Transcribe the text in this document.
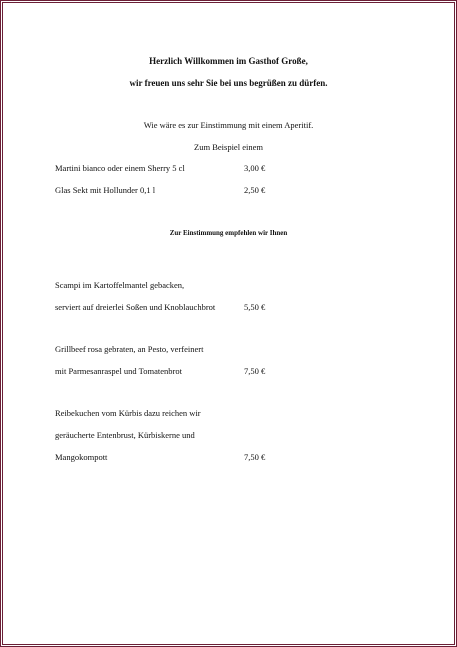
Herzlich Willkommen im Gasthof Große,
wir freuen uns sehr Sie bei uns begrüßen zu dürfen.
Wie wäre es zur Einstimmung mit einem Aperitif.
Zum Beispiel einem
Martini bianco oder einem Sherry 5 cl	3,00 €
Glas Sekt mit Hollunder 0,1 l	2,50 €
Zur Einstimmung empfehlen wir Ihnen
Scampi im Kartoffelmantel gebacken,
serviert auf dreierlei Soßen und Knoblauchbrot	5,50 €
Grillbeef rosa gebraten, an Pesto, verfeinert
mit Parmesanraspel und Tomatenbrot	7,50 €
Reibekuchen vom Kürbis dazu reichen wir
geräucherte Entenbrust, Kürbiskerne und
Mangokompott	7,50 €
